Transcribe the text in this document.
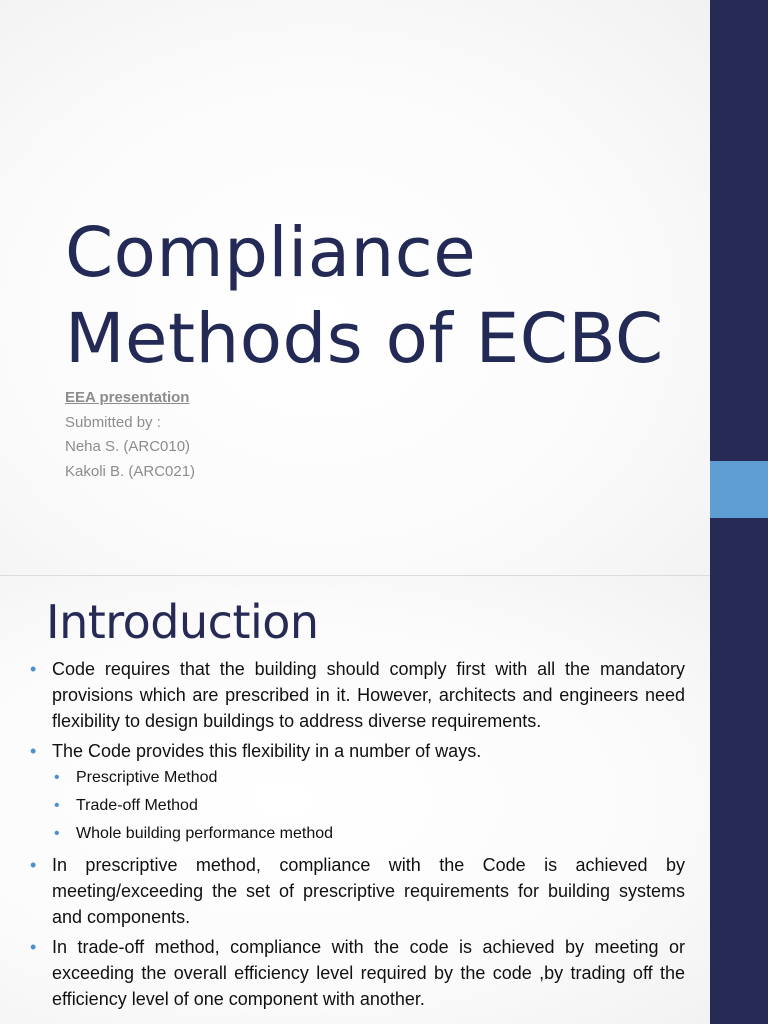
Compliance
Methods of ECBC
EEA presentation
Submitted by :
Neha S. (ARC010)
Kakoli B. (ARC021)
Introduction
• Code requires that the building should comply first with all the mandatory provisions which are prescribed in it. However, architects and engineers need flexibility to design buildings to address diverse requirements.
• The Code provides this flexibility in a number of ways.
• Prescriptive Method
• Trade-off Method
• Whole building performance method
• In prescriptive method, compliance with the Code is achieved by meeting/exceeding the set of prescriptive requirements for building systems and components.
• In trade-off method, compliance with the code is achieved by meeting or exceeding the overall efficiency level required by the code ,by trading off the efficiency level of one component with another.
